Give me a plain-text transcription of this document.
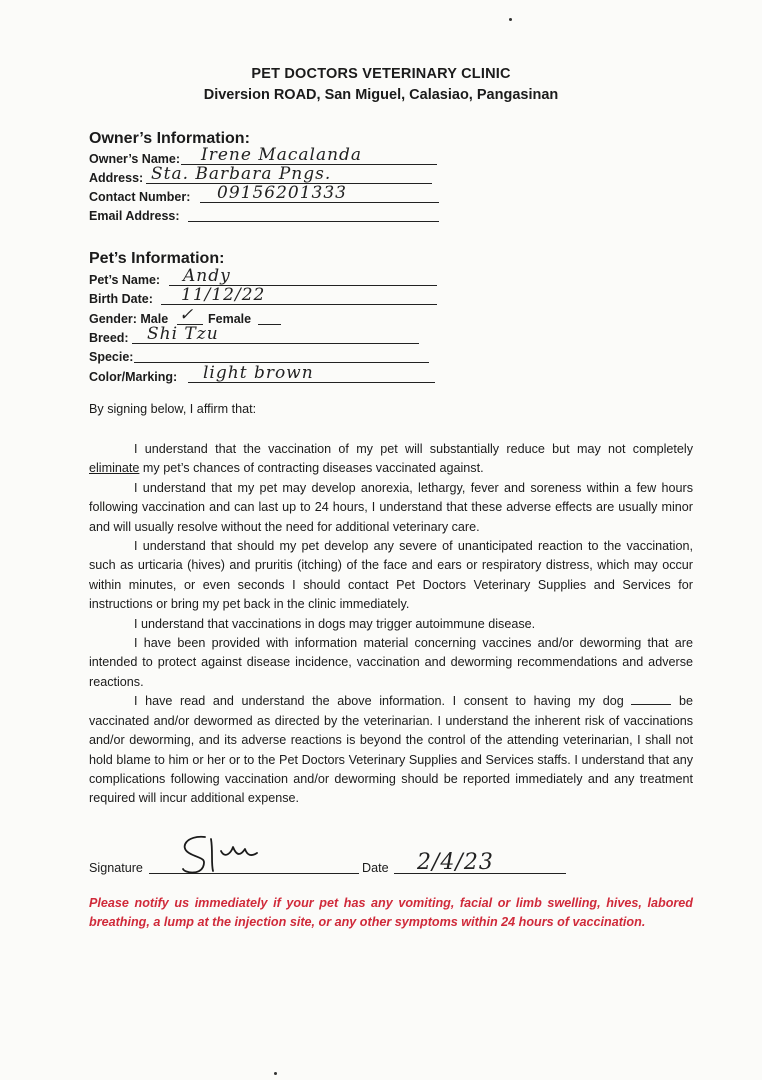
PET DOCTORS VETERINARY CLINIC
Diversion ROAD, San Miguel, Calasiao, Pangasinan
Owner’s Information:
Owner’s Name: Irene Macalanda
Address: Sta. Barbara Pngs.
Contact Number: 09156201333
Email Address:
Pet’s Information:
Pet’s Name: Andy
Birth Date: 11/12/22
Gender: Male ✓ Female
Breed: Shi Tzu
Specie:
Color/Marking: light brown
By signing below, I affirm that:

I understand that the vaccination of my pet will substantially reduce but may not completely eliminate my pet’s chances of contracting diseases vaccinated against.

I understand that my pet may develop anorexia, lethargy, fever and soreness within a few hours following vaccination and can last up to 24 hours, I understand that these adverse effects are usually minor and will usually resolve without the need for additional veterinary care.

I understand that should my pet develop any severe of unanticipated reaction to the vaccination, such as urticaria (hives) and pruritis (itching) of the face and ears or respiratory distress, which may occur within minutes, or even seconds I should contact Pet Doctors Veterinary Supplies and Services for instructions or bring my pet back in the clinic immediately.

I understand that vaccinations in dogs may trigger autoimmune disease.

I have been provided with information material concerning vaccines and/or deworming that are intended to protect against disease incidence, vaccination and deworming recommendations and adverse reactions.

I have read and understand the above information. I consent to having my dog	be vaccinated and/or dewormed as directed by the veterinarian. I understand the inherent risk of vaccinations and/or deworming, and its adverse reactions is beyond the control of the attending veterinarian, I shall not hold blame to him or her or to the Pet Doctors Veterinary Supplies and Services staffs. I understand that any complications following vaccination and/or deworming should be reported immediately and any treatment required will incur additional expense.

Signature	Date 2/4/23
Please notify us immediately if your pet has any vomiting, facial or limb swelling, hives, labored breathing, a lump at the injection site, or any other symptoms within 24 hours of vaccination.
